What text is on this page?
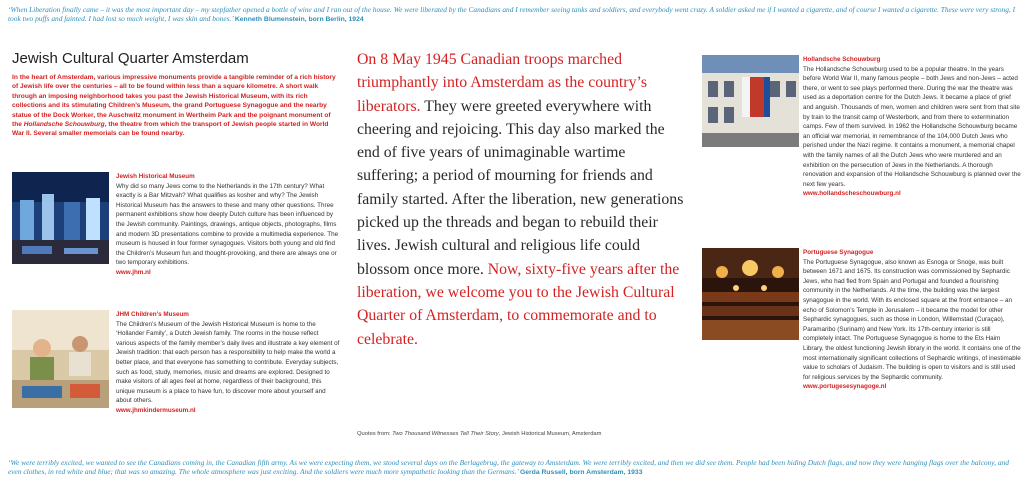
‘When Liberation finally came – it was the most important day – my stepfather opened a bottle of wine and I ran out of the house. We were liberated by the Canadians and I remember seeing tanks and soldiers, and everybody went crazy. A soldier asked me if I wanted a cigarette, and of course I wanted a cigarette. These were very strong, I took two puffs and fainted. I had lost so much weight, I was skin and bones.’ Kenneth Blumenstein, born Berlin, 1924
Jewish Cultural Quarter Amsterdam
In the heart of Amsterdam, various impressive monuments provide a tangible reminder of a rich history of Jewish life over the centuries – all to be found within less than a square kilometre. A short walk through an imposing neighborhood takes you past the Jewish Historical Museum, with its rich collections and its stimulating Children’s Museum, the grand Portuguese Synagogue and the nearby statue of the Dock Worker, the Auschwitz monument in Wertheim Park and the poignant monument of the Hollandsche Schouwburg, the theatre from which the transport of Jewish people started in World War II. Several smaller memorials can be found nearby.
Jewish Historical Museum
Why did so many Jews come to the Netherlands in the 17th century? What exactly is a Bar Mitzvah? What qualifies as kosher and why? The Jewish Historical Museum has the answers to these and many other questions. Three permanent exhibitions show how deeply Dutch culture has been influenced by the Jewish community. Paintings, drawings, antique objects, photographs, films and modern 3D presentations combine to provide a multimedia experience. The museum is housed in four former synagogues. Visitors both young and old find the Children’s Museum fun and thought-provoking, and there are always one or two temporary exhibitions.
www.jhm.nl
JHM Children’s Museum
The Children’s Museum of the Jewish Historical Museum is home to the ‘Hollander Family’, a Dutch Jewish family. The rooms in the house reflect various aspects of the family member’s daily lives and illustrate a key element of Jewish tradition: that each person has a responsibility to help make the world a better place, and that everyone has something to contribute. Everyday subjects, such as food, study, memories, music and dreams are explored. Designed to make visitors of all ages feel at home, regardless of their background, this unique museum is a place to have fun, to discover more about yourself and about others.
www.jhmkindermuseum.nl
On 8 May 1945 Canadian troops marched triumphantly into Amsterdam as the country’s liberators. They were greeted everywhere with cheering and rejoicing. This day also marked the end of five years of unimaginable wartime suffering; a period of mourning for friends and family started. After the liberation, new generations picked up the threads and began to rebuild their lives. Jewish cultural and religious life could blossom once more. Now, sixty-five years after the liberation, we welcome you to the Jewish Cultural Quarter of Amsterdam, to commemorate and to celebrate.
Quotes from: Two Thousand Witnesses Tell Their Story, Jewish Historical Museum, Amsterdam
Hollandsche Schouwburg
The Hollandsche Schouwburg used to be a popular theatre. In the years before World War II, many famous people – both Jews and non-Jews – acted there, or went to see plays performed there. During the war the theatre was used as a deportation centre for the Dutch Jews. It became a place of grief and anguish. Thousands of men, women and children were sent from that site by train to the transit camp of Westerbork, and from there to extermination camps. Few of them survived. In 1962 the Hollandsche Schouwburg became an official war memorial, in remembrance of the 104,000 Dutch Jews who perished under the Nazi regime. It contains a monument, a memorial chapel with the family names of all the Dutch Jews who were murdered and an exhibition on the persecution of Jews in the Netherlands. A thorough renovation and expansion of the Hollandsche Schouwburg is planned over the next few years.
www.hollandscheschouwburg.nl
Portuguese Synagogue
The Portuguese Synagogue, also known as Esnoga or Snoge, was built between 1671 and 1675. Its construction was commissioned by Sephardic Jews, who had fled from Spain and Portugal and founded a flourishing community in the Netherlands. At the time, the building was the largest synagogue in the world. With its enclosed square at the front entrance – an echo of Solomon’s Temple in Jerusalem – it became the model for other Sephardic synagogues, such as those in London, Willemstad (Curaçao), Paramaribo (Surinam) and New York. Its 17th-century interior is still completely intact. The Portuguese Synagogue is home to the Ets Haim Library, the oldest functioning Jewish library in the world. It contains one of the most internationally significant collections of Sephardic writings, of inestimable value to scholars of Judaism. The building is open to visitors and is still used for religious services by the Sephardic community.
www.portugesesynagoge.nl
‘We were terribly excited, we wanted to see the Canadians coming in, the Canadian fifth army. As we were expecting them, we stood several days on the Berlagebrug, the gateway to Amsterdam. We were terribly excited, and then we did see them. People had been hiding Dutch flags, and now they were hanging flags over the balcony, and even clothes, in red white and blue; that was so amazing. The whole atmosphere was just exciting. And the soldiers were much more sympathetic looking than the Germans.’ Gerda Russell, born Amsterdam, 1933
